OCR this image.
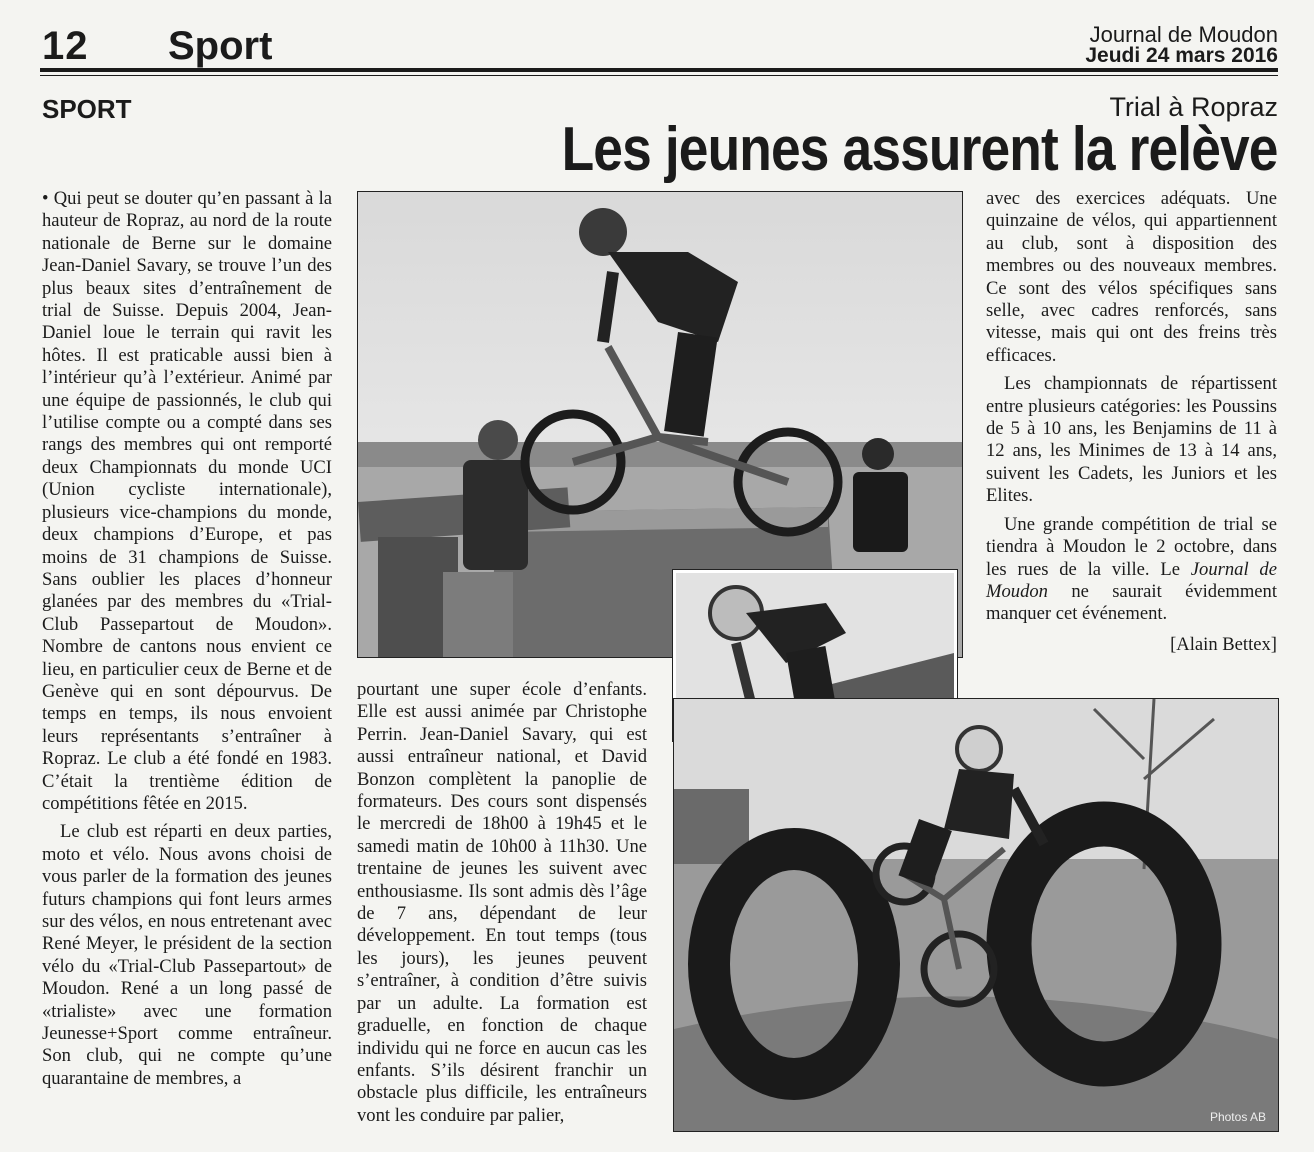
12 Sport	Journal de Moudon
Jeudi 24 mars 2016
SPORT	Trial à Ropraz
Les jeunes assurent la relève

• Qui peut se douter qu’en passant à la hauteur de Ropraz, au nord de la route nationale de Berne sur le domaine Jean-Daniel Savary, se trouve l’un des plus beaux sites d’entraînement de trial de Suisse. Depuis 2004, Jean-Daniel loue le terrain qui ravit les hôtes. Il est praticable aussi bien à l’intérieur qu’à l’extérieur. Animé par une équipe de passionnés, le club qui l’utilise compte ou a compté dans ses rangs des membres qui ont remporté deux Championnats du monde UCI (Union cycliste internationale), plusieurs vice-champions du monde, deux champions d’Europe, et pas moins de 31 champions de Suisse. Sans oublier les places d’honneur glanées par des membres du «Trial-Club Passepartout de Moudon». Nombre de cantons nous envient ce lieu, en particulier ceux de Berne et de Genève qui en sont dépourvus. De temps en temps, ils nous envoient leurs représentants s’entraîner à Ropraz. Le club a été fondé en 1983. C’était la trentième édition de compétitions fêtée en 2015.

Le club est réparti en deux parties, moto et vélo. Nous avons choisi de vous parler de la formation des jeunes futurs champions qui font leurs armes sur des vélos, en nous entretenant avec René Meyer, le président de la section vélo du «Trial-Club Passepartout» de Moudon. René a un long passé de «trialiste» avec une formation Jeunesse+Sport comme entraîneur. Son club, qui ne compte qu’une quarantaine de membres, a

pourtant une super école d’enfants. Elle est aussi animée par Christophe Perrin. Jean-Daniel Savary, qui est aussi entraîneur national, et David Bonzon complètent la panoplie de formateurs. Des cours sont dispensés le mercredi de 18h00 à 19h45 et le samedi matin de 10h00 à 11h30. Une trentaine de jeunes les suivent avec enthousiasme. Ils sont admis dès l’âge de 7 ans, dépendant de leur développement. En tout temps (tous les jours), les jeunes peuvent s’entraîner, à condition d’être suivis par un adulte. La formation est graduelle, en fonction de chaque individu qui ne force en aucun cas les enfants. S’ils désirent franchir un obstacle plus difficile, les entraîneurs vont les conduire par palier,

avec des exercices adéquats. Une quinzaine de vélos, qui appartiennent au club, sont à disposition des membres ou des nouveaux membres. Ce sont des vélos spécifiques sans selle, avec cadres renforcés, sans vitesse, mais qui ont des freins très efficaces.

Les championnats de répartissent entre plusieurs catégories: les Poussins de 5 à 10 ans, les Benjamins de 11 à 12 ans, les Minimes de 13 à 14 ans, suivent les Cadets, les Juniors et les Elites.

Une grande compétition de trial se tiendra à Moudon le 2 octobre, dans les rues de la ville. Le Journal de Moudon ne saurait évidemment manquer cet événement.

[Alain Bettex]
Photos AB
